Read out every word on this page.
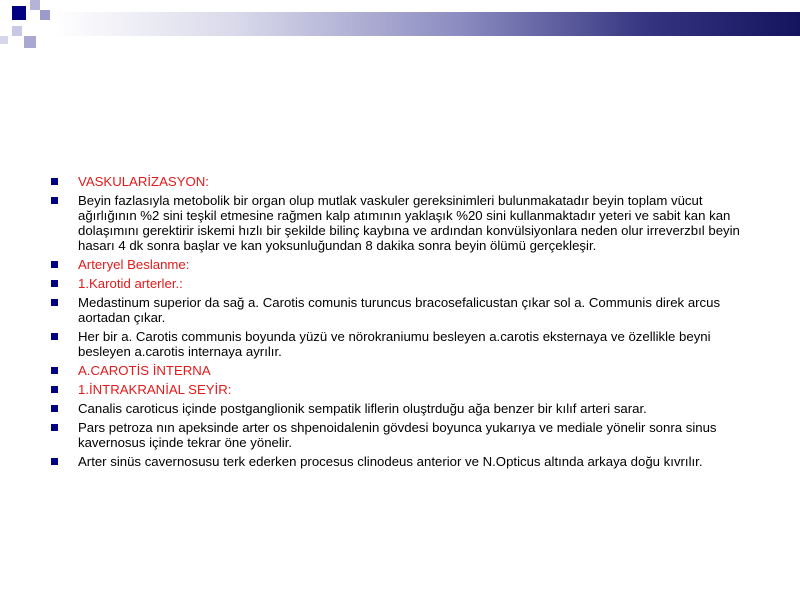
VASKULARİZASYON:
Beyin fazlasıyla metobolik bir organ olup mutlak vaskuler gereksinimleri bulunmakatadır beyin toplam vücut ağırlığının %2 sini teşkil etmesine rağmen kalp atımının yaklaşık %20 sini kullanmaktadır yeteri ve sabit kan kan dolaşımını gerektirir iskemi hızlı bir şekilde bilinç kaybına ve ardından konvülsiyonlara neden olur irreverzbıl beyin hasarı 4 dk sonra başlar ve kan yoksunluğundan 8 dakika sonra beyin ölümü gerçekleşir.
Arteryel Beslanme:
1.Karotid arterler.:
Medastinum superior da sağ a. Carotis comunis turuncus bracosefalicustan çıkar sol a. Communis direk arcus aortadan çıkar.
Her bir a. Carotis communis boyunda yüzü ve nörokraniumu besleyen a.carotis eksternaya ve özellikle beyni besleyen a.carotis internaya ayrılır.
A.CAROTİS İNTERNA
1.İNTRAKRANİAL SEYİR:
Canalis caroticus içinde postganglionik sempatik liflerin oluştrduğu ağa benzer bir kılıf arteri sarar.
Pars petroza nın apeksinde arter os shpenoidalenin gövdesi boyunca yukarıya ve mediale yönelir sonra sinus kavernosus içinde tekrar öne yönelir.
Arter sinüs cavernosusu terk ederken procesus clinodeus anterior ve N.Opticus altında arkaya doğu kıvrılır.
